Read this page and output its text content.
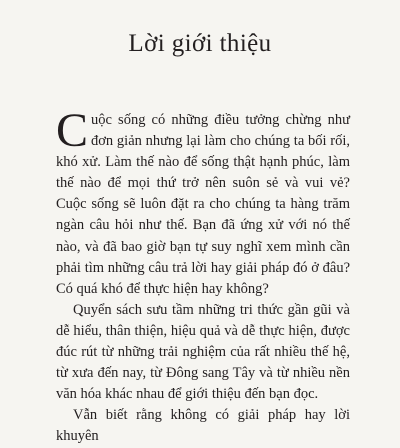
Lời giới thiệu

Cuộc sống có những điều tưởng chừng như đơn giản nhưng lại làm cho chúng ta bối rối, khó xử. Làm thế nào để sống thật hạnh phúc, làm thế nào để mọi thứ trở nên suôn sẻ và vui vẻ? Cuộc sống sẽ luôn đặt ra cho chúng ta hàng trăm ngàn câu hỏi như thế. Bạn đã ứng xử với nó thế nào, và đã bao giờ bạn tự suy nghĩ xem mình cần phải tìm những câu trả lời hay giải pháp đó ở đâu? Có quá khó để thực hiện hay không?

Quyển sách sưu tầm những tri thức gần gũi và dễ hiểu, thân thiện, hiệu quả và dễ thực hiện, được đúc rút từ những trải nghiệm của rất nhiều thế hệ, từ xưa đến nay, từ Đông sang Tây và từ nhiều nền văn hóa khác nhau để giới thiệu đến bạn đọc.

Vẫn biết rằng không có giải pháp hay lời khuyên
